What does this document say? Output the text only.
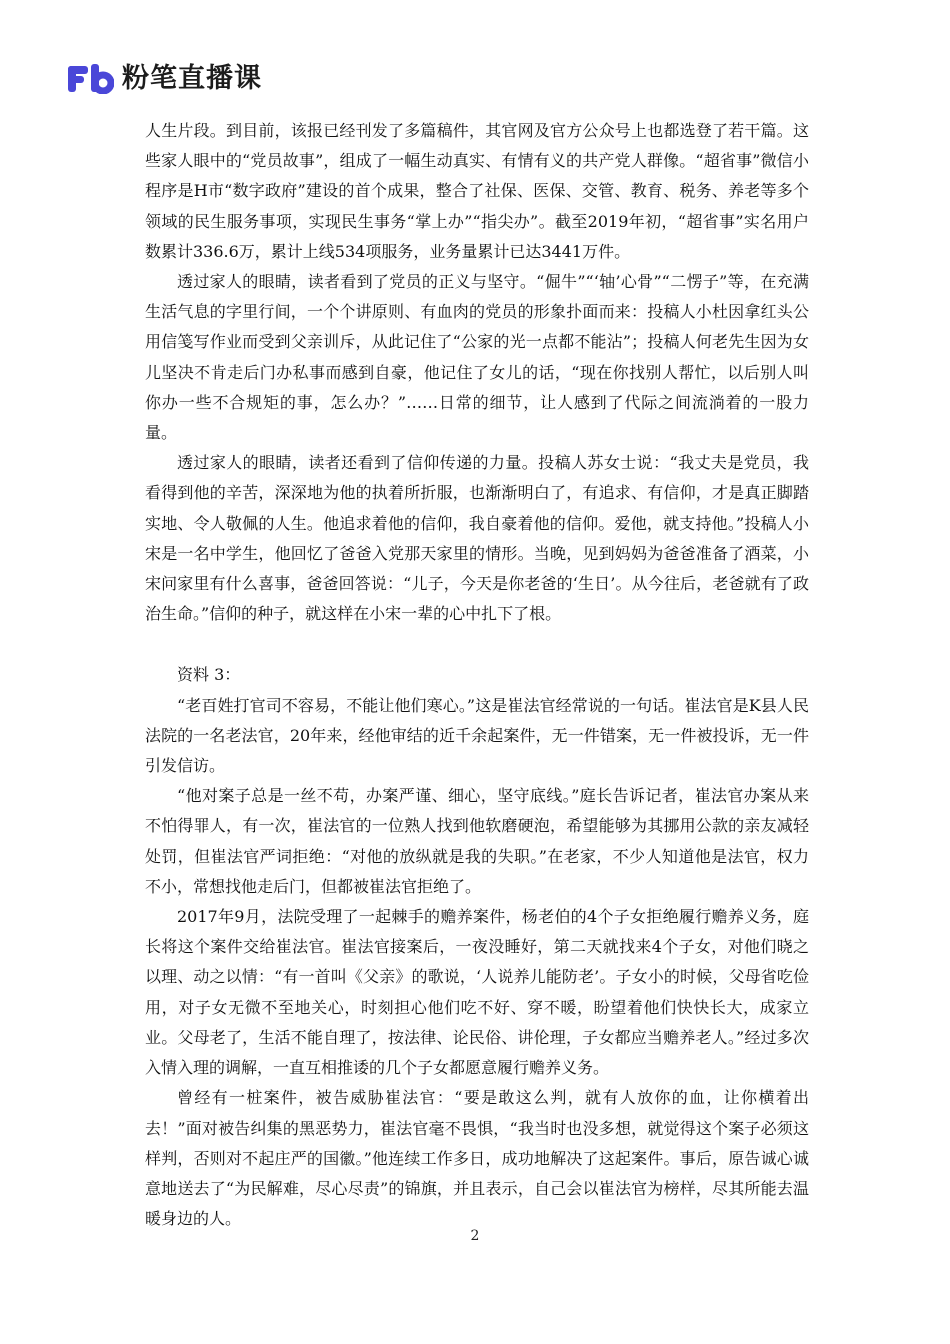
粉笔直播课

人生片段。到目前，该报已经刊发了多篇稿件，其官网及官方公众号上也都选登了若干篇。这些家人眼中的“党员故事”，组成了一幅生动真实、有情有义的共产党人群像。“超省事”微信小程序是H市“数字政府”建设的首个成果，整合了社保、医保、交管、教育、税务、养老等多个领域的民生服务事项，实现民生事务“掌上办”“指尖办”。截至2019年初，“超省事”实名用户数累计336.6万，累计上线534项服务，业务量累计已达3441万件。

透过家人的眼睛，读者看到了党员的正义与坚守。“倔牛”“‘轴’心骨”“二愣子”等，在充满生活气息的字里行间，一个个讲原则、有血肉的党员的形象扑面而来：投稿人小杜因拿红头公用信笺写作业而受到父亲训斥，从此记住了“公家的光一点都不能沾”；投稿人何老先生因为女儿坚决不肯走后门办私事而感到自豪，他记住了女儿的话，“现在你找别人帮忙，以后别人叫你办一些不合规矩的事，怎么办？”……日常的细节，让人感到了代际之间流淌着的一股力量。

透过家人的眼睛，读者还看到了信仰传递的力量。投稿人苏女士说：“我丈夫是党员，我看得到他的辛苦，深深地为他的执着所折服，也渐渐明白了，有追求、有信仰，才是真正脚踏实地、令人敬佩的人生。他追求着他的信仰，我自豪着他的信仰。爱他，就支持他。”投稿人小宋是一名中学生，他回忆了爸爸入党那天家里的情形。当晚，见到妈妈为爸爸准备了酒菜，小宋问家里有什么喜事，爸爸回答说：“儿子，今天是你老爸的‘生日’。从今往后，老爸就有了政治生命。”信仰的种子，就这样在小宋一辈的心中扎下了根。

资料 3：

“老百姓打官司不容易，不能让他们寒心。”这是崔法官经常说的一句话。崔法官是K县人民法院的一名老法官，20年来，经他审结的近千余起案件，无一件错案，无一件被投诉，无一件引发信访。

“他对案子总是一丝不苟，办案严谨、细心，坚守底线。”庭长告诉记者，崔法官办案从来不怕得罪人，有一次，崔法官的一位熟人找到他软磨硬泡，希望能够为其挪用公款的亲友减轻处罚，但崔法官严词拒绝：“对他的放纵就是我的失职。”在老家，不少人知道他是法官，权力不小，常想找他走后门，但都被崔法官拒绝了。

2017年9月，法院受理了一起棘手的赡养案件，杨老伯的4个子女拒绝履行赡养义务，庭长将这个案件交给崔法官。崔法官接案后，一夜没睡好，第二天就找来4个子女，对他们晓之以理、动之以情：“有一首叫《父亲》的歌说，‘人说养儿能防老’。子女小的时候，父母省吃俭用，对子女无微不至地关心，时刻担心他们吃不好、穿不暖，盼望着他们快快长大，成家立业。父母老了，生活不能自理了，按法律、论民俗、讲伦理，子女都应当赡养老人。”经过多次入情入理的调解，一直互相推诿的几个子女都愿意履行赡养义务。

曾经有一桩案件，被告威胁崔法官：“要是敢这么判，就有人放你的血，让你横着出去！”面对被告纠集的黑恶势力，崔法官毫不畏惧，“我当时也没多想，就觉得这个案子必须这样判，否则对不起庄严的国徽。”他连续工作多日，成功地解决了这起案件。事后，原告诚心诚意地送去了“为民解难，尽心尽责”的锦旗，并且表示，自己会以崔法官为榜样，尽其所能去温暖身边的人。

2
